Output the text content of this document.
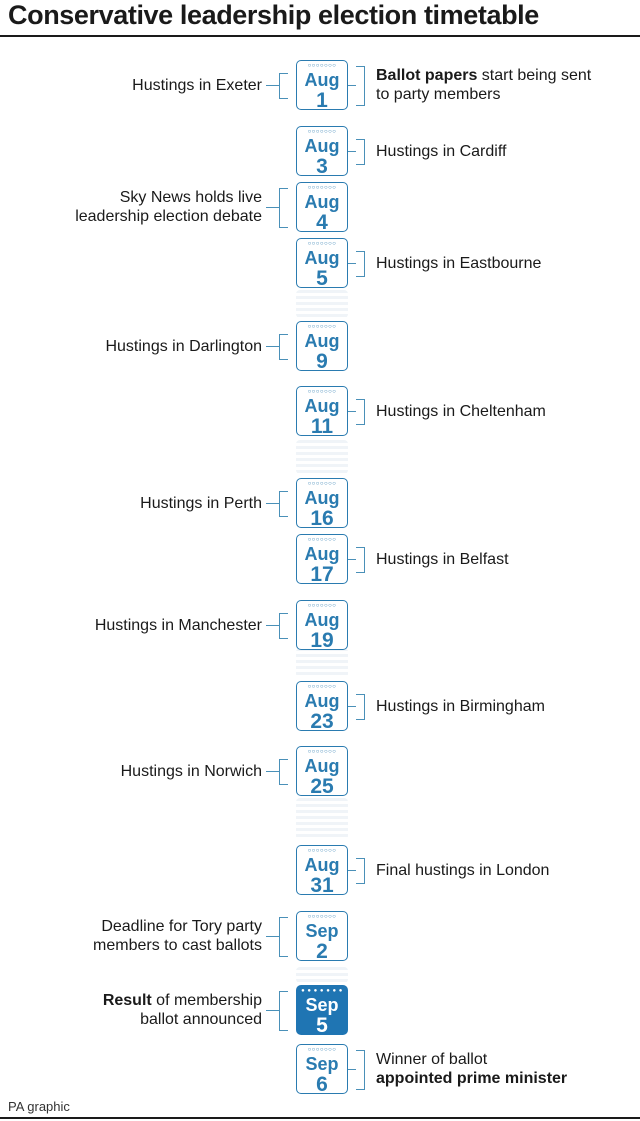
Conservative leadership election timetable
○○○○○○○
Aug
1
Hustings in Exeter
Ballot papers start being sent
to party members
○○○○○○○
Aug
3
Hustings in Cardiff
○○○○○○○
Aug
4
Sky News holds live
leadership election debate
○○○○○○○
Aug
5
Hustings in Eastbourne
○○○○○○○
Aug
9
Hustings in Darlington
○○○○○○○
Aug
11
Hustings in Cheltenham
○○○○○○○
Aug
16
Hustings in Perth
○○○○○○○
Aug
17
Hustings in Belfast
○○○○○○○
Aug
19
Hustings in Manchester
○○○○○○○
Aug
23
Hustings in Birmingham
○○○○○○○
Aug
25
Hustings in Norwich
○○○○○○○
Aug
31
Final hustings in London
○○○○○○○
Sep
2
Deadline for Tory party
members to cast ballots
● ● ● ● ● ● ●
Sep
5
Result of membership
ballot announced
○○○○○○○
Sep
6
Winner of ballot
appointed prime minister
PA graphic
